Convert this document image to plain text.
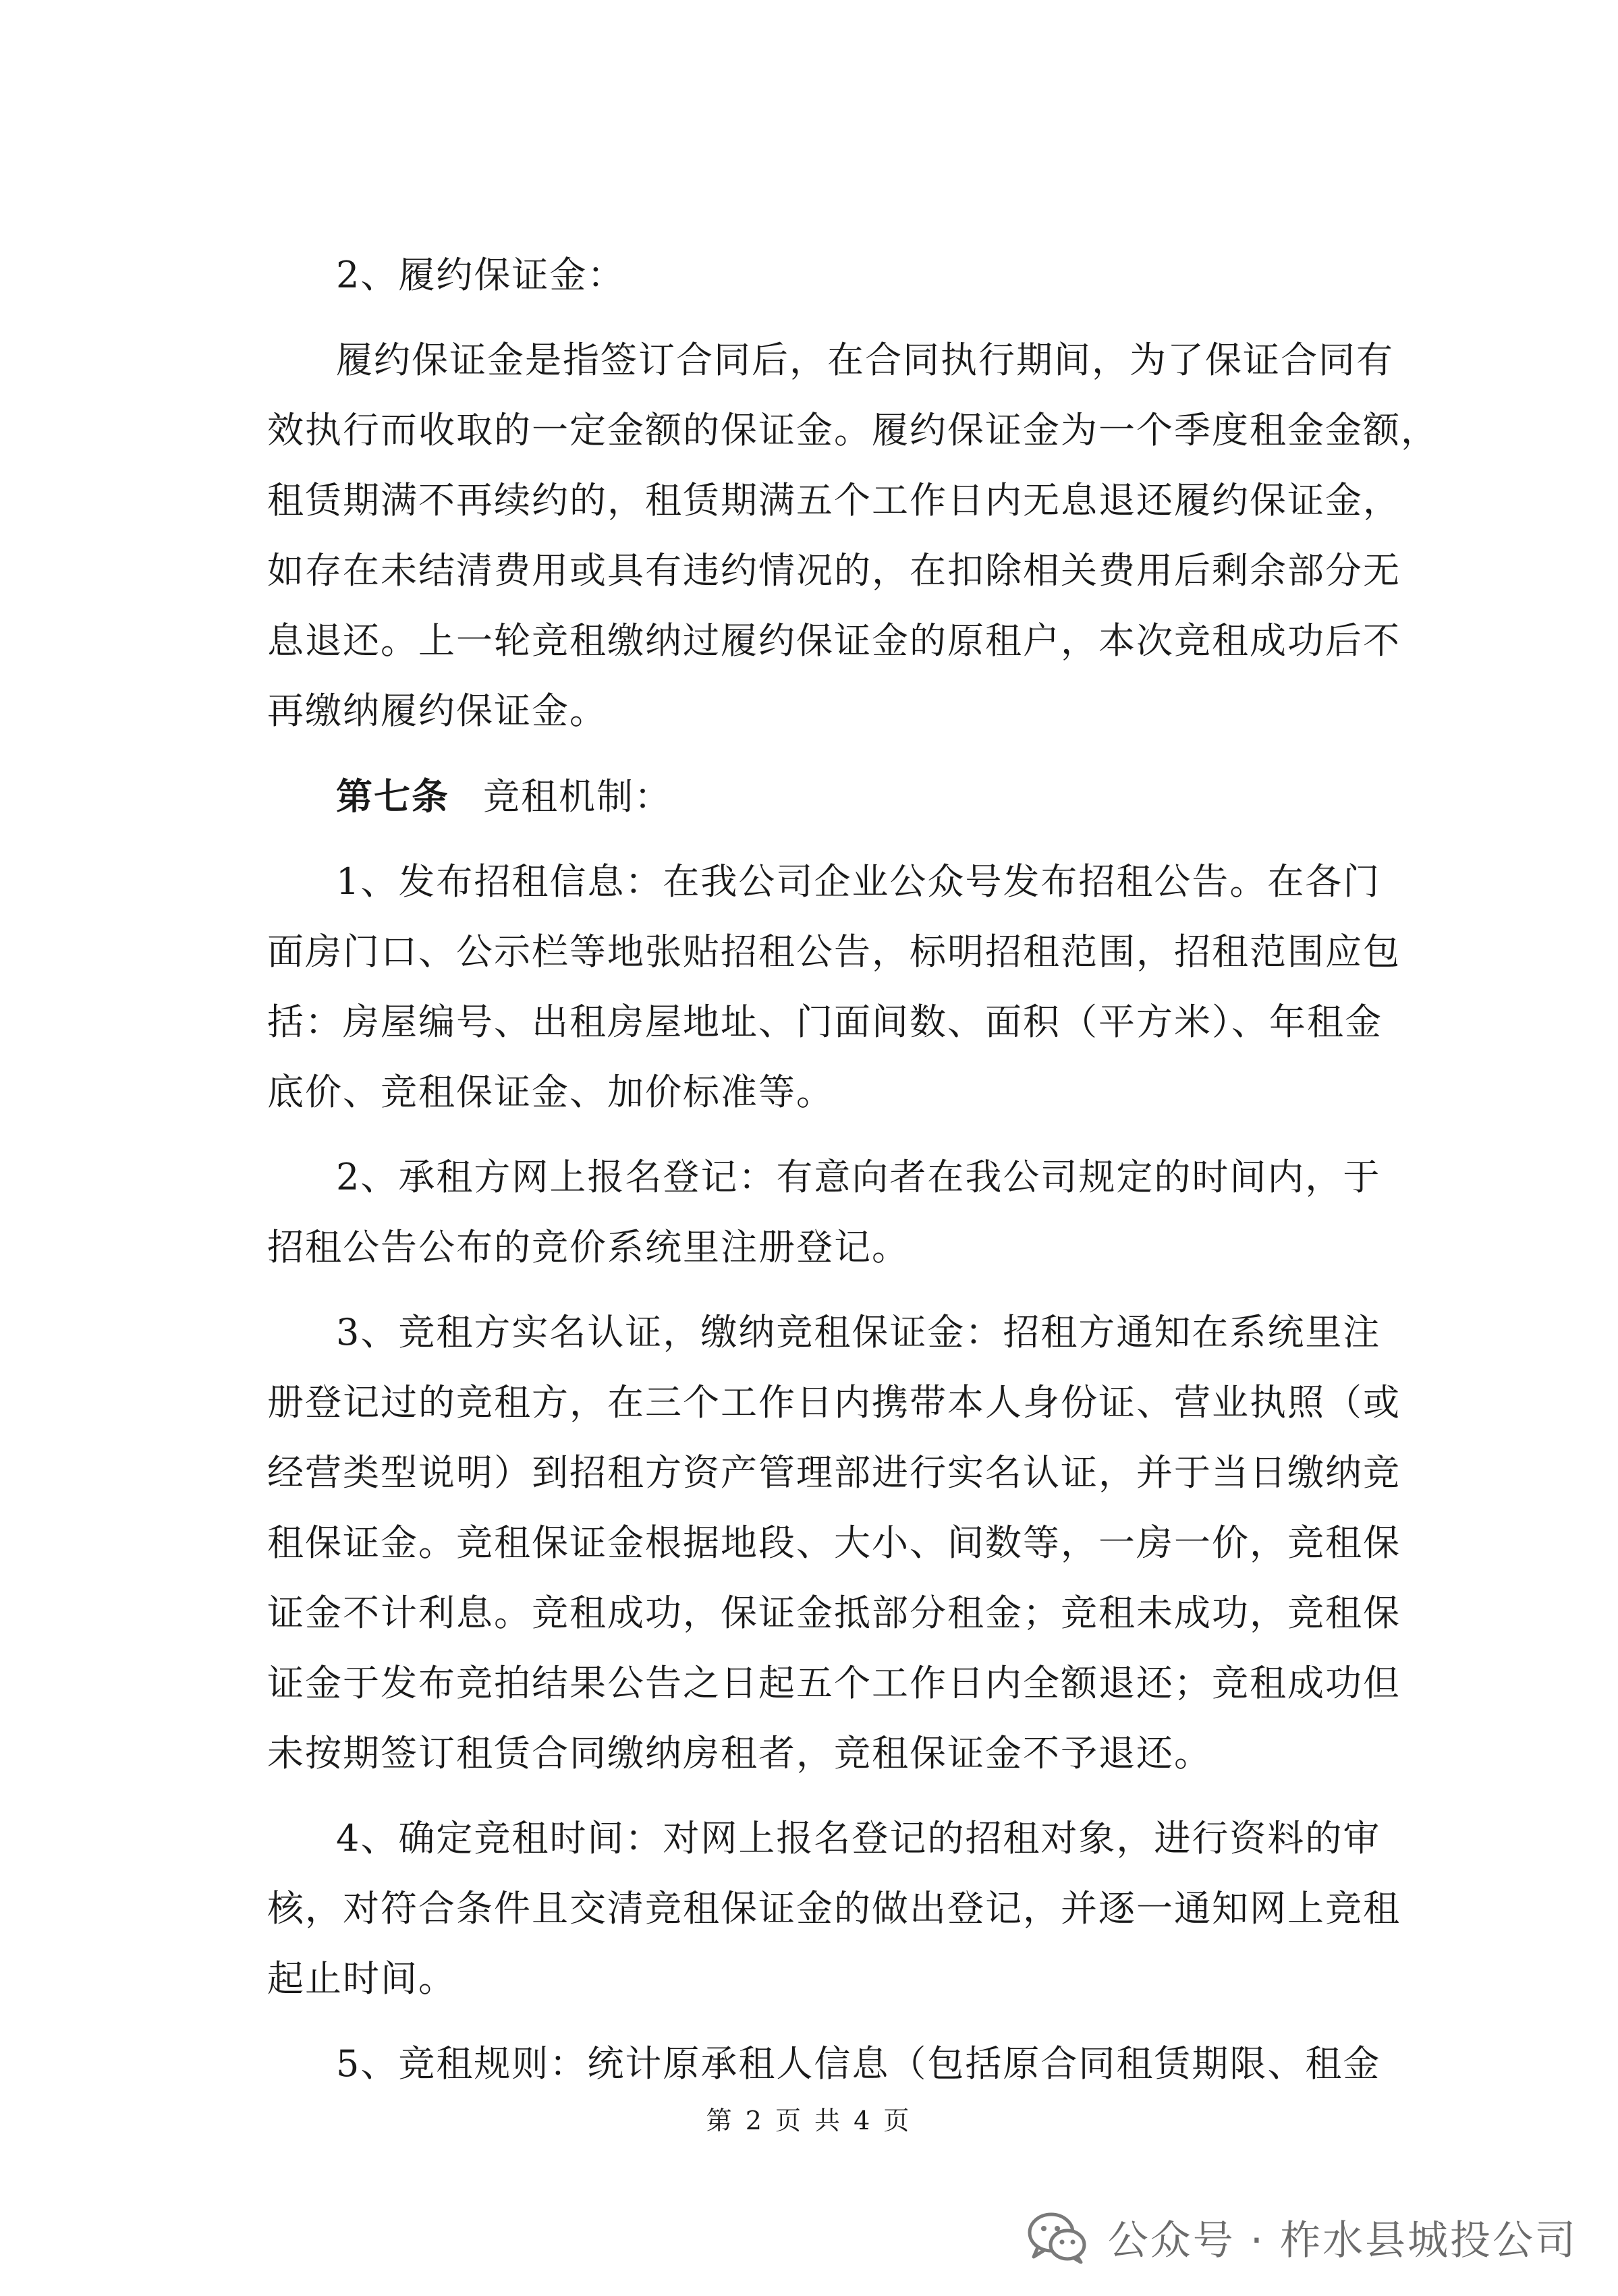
2、履约保证金：
履约保证金是指签订合同后，在合同执行期间，为了保证合同有
效执行而收取的一定金额的保证金。履约保证金为一个季度租金金额，
租赁期满不再续约的，租赁期满五个工作日内无息退还履约保证金，
如存在未结清费用或具有违约情况的，在扣除相关费用后剩余部分无
息退还。上一轮竞租缴纳过履约保证金的原租户，本次竞租成功后不
再缴纳履约保证金。
第七条 竞租机制：
1、发布招租信息：在我公司企业公众号发布招租公告。在各门
面房门口、公示栏等地张贴招租公告，标明招租范围，招租范围应包
括：房屋编号、出租房屋地址、门面间数、面积（平方米）、年租金
底价、竞租保证金、加价标准等。
2、承租方网上报名登记：有意向者在我公司规定的时间内，于
招租公告公布的竞价系统里注册登记。
3、竞租方实名认证，缴纳竞租保证金：招租方通知在系统里注
册登记过的竞租方，在三个工作日内携带本人身份证、营业执照（或
经营类型说明）到招租方资产管理部进行实名认证，并于当日缴纳竞
租保证金。竞租保证金根据地段、大小、间数等，一房一价，竞租保
证金不计利息。竞租成功，保证金抵部分租金；竞租未成功，竞租保
证金于发布竞拍结果公告之日起五个工作日内全额退还；竞租成功但
未按期签订租赁合同缴纳房租者，竞租保证金不予退还。
4、确定竞租时间：对网上报名登记的招租对象，进行资料的审
核，对符合条件且交清竞租保证金的做出登记，并逐一通知网上竞租
起止时间。
5、竞租规则：统计原承租人信息（包括原合同租赁期限、租金
第 2 页 共 4 页
公众号 · 柞水县城投公司
